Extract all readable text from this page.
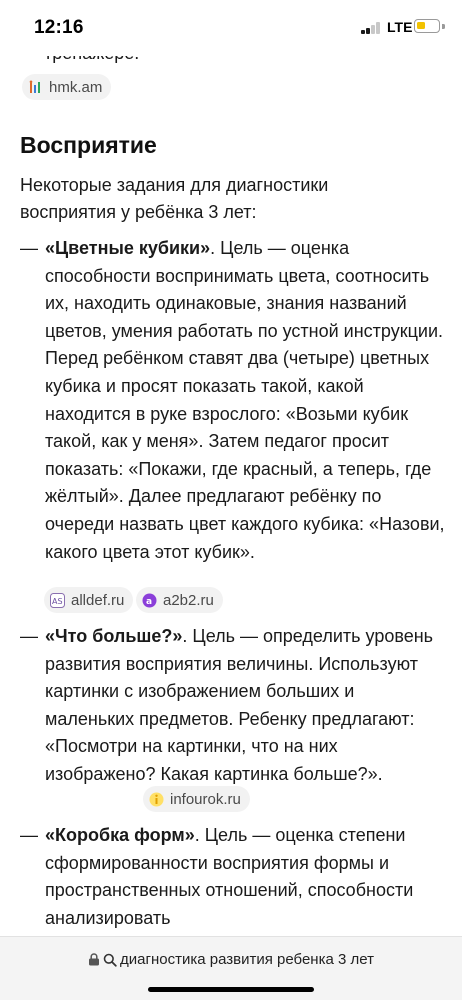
12:16	LTE
hmk.am
Восприятие
Некоторые задания для диагностики
восприятия у ребёнка 3 лет:
— «Цветные кубики». Цель — оценка способности воспринимать цвета, соотносить их, находить одинаковые, знания названий цветов, умения работать по устной инструкции. Перед ребёнком ставят два (четыре) цветных кубика и просят показать такой, какой находится в руке взрослого: «Возьми кубик такой, как у меня». Затем педагог просит показать: «Покажи, где красный, а теперь, где жёлтый». Далее предлагают ребёнку по очереди назвать цвет каждого кубика: «Назови, какого цвета этот кубик».
AS alldef.ru a a2b2.ru
— «Что больше?». Цель — определить уровень развития восприятия величины. Используют картинки с изображением больших и маленьких предметов. Ребенку предлагают: «Посмотри на картинки, что на них изображено? Какая картинка больше?».
infourok.ru
— «Коробка форм». Цель — оценка степени сформированности восприятия формы и пространственных отношений, способности анализировать
диагностика развития ребенка 3 лет
